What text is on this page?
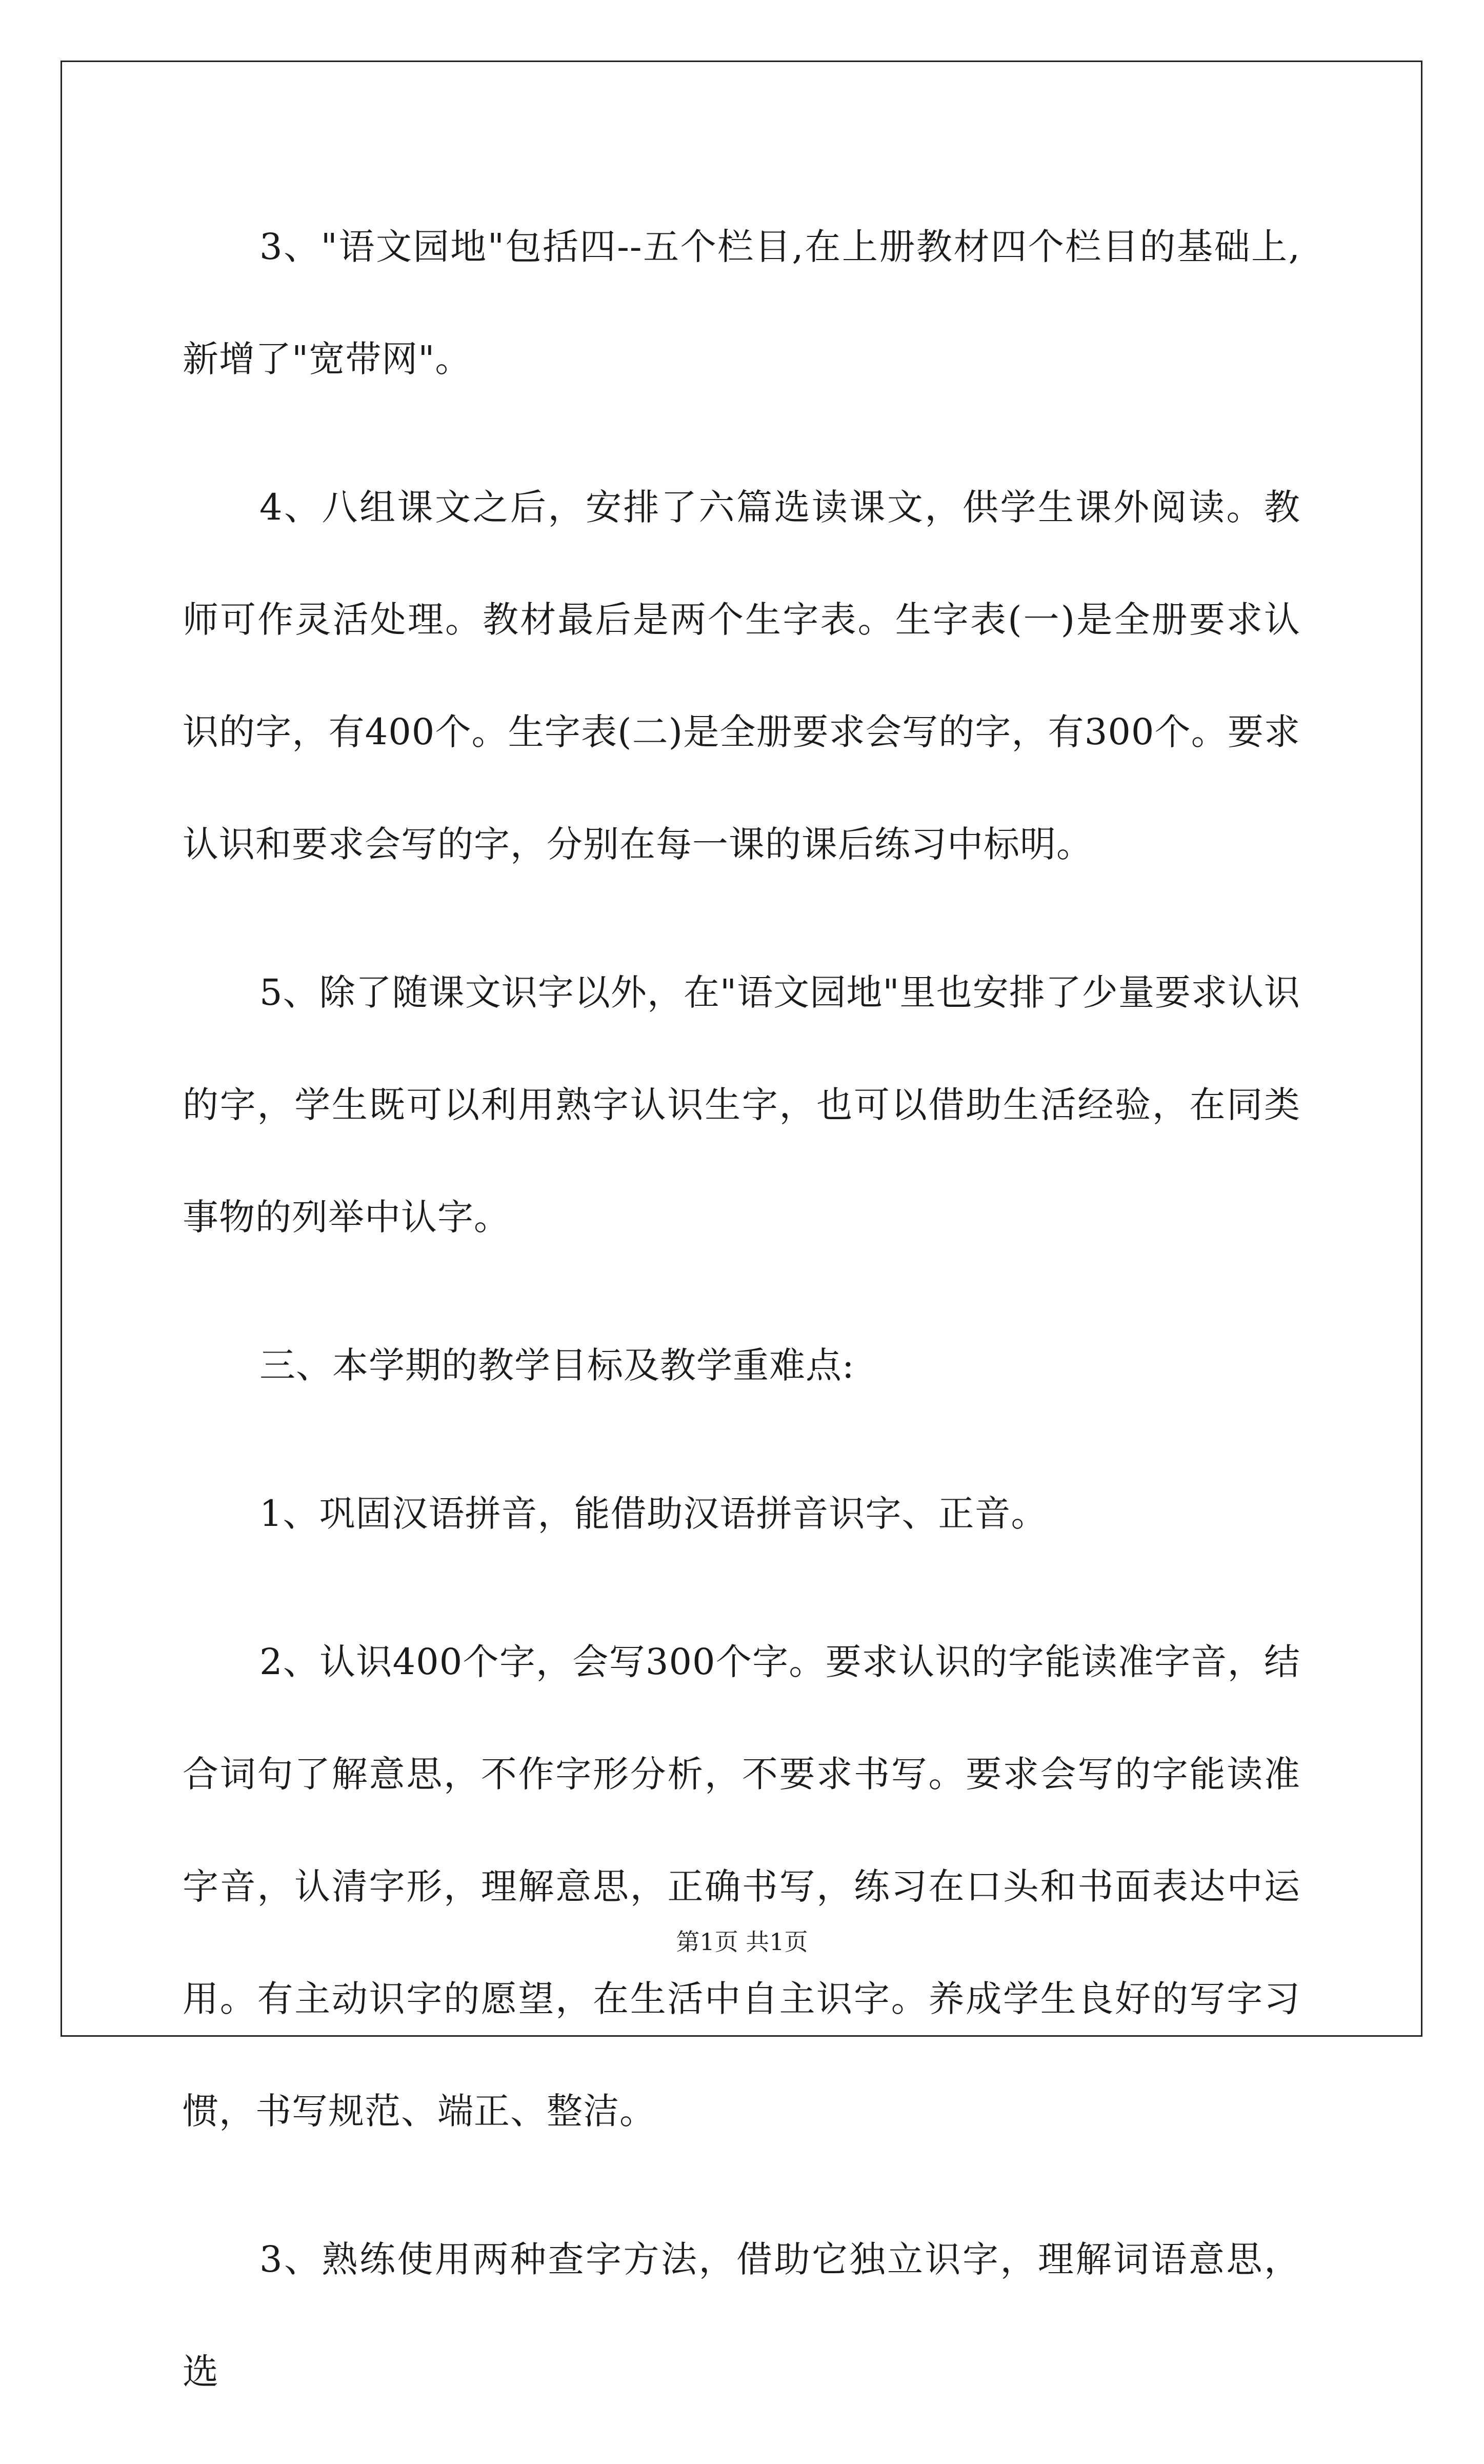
3、"语文园地"包括四--五个栏目,在上册教材四个栏目的基础上,新增了"宽带网"。

4、八组课文之后，安排了六篇选读课文，供学生课外阅读。教师可作灵活处理。教材最后是两个生字表。生字表(一)是全册要求认识的字，有400个。生字表(二)是全册要求会写的字，有300个。要求认识和要求会写的字，分别在每一课的课后练习中标明。

5、除了随课文识字以外，在"语文园地"里也安排了少量要求认识的字，学生既可以利用熟字认识生字，也可以借助生活经验，在同类事物的列举中认字。

三、本学期的教学目标及教学重难点:

1、巩固汉语拼音，能借助汉语拼音识字、正音。

2、认识400个字，会写300个字。要求认识的字能读准字音，结合词句了解意思，不作字形分析，不要求书写。要求会写的字能读准字音，认清字形，理解意思，正确书写，练习在口头和书面表达中运用。有主动识字的愿望，在生活中自主识字。养成学生良好的写字习惯，书写规范、端正、整洁。

3、熟练使用两种查字方法，借助它独立识字，理解词语意思，选

第1页 共1页
